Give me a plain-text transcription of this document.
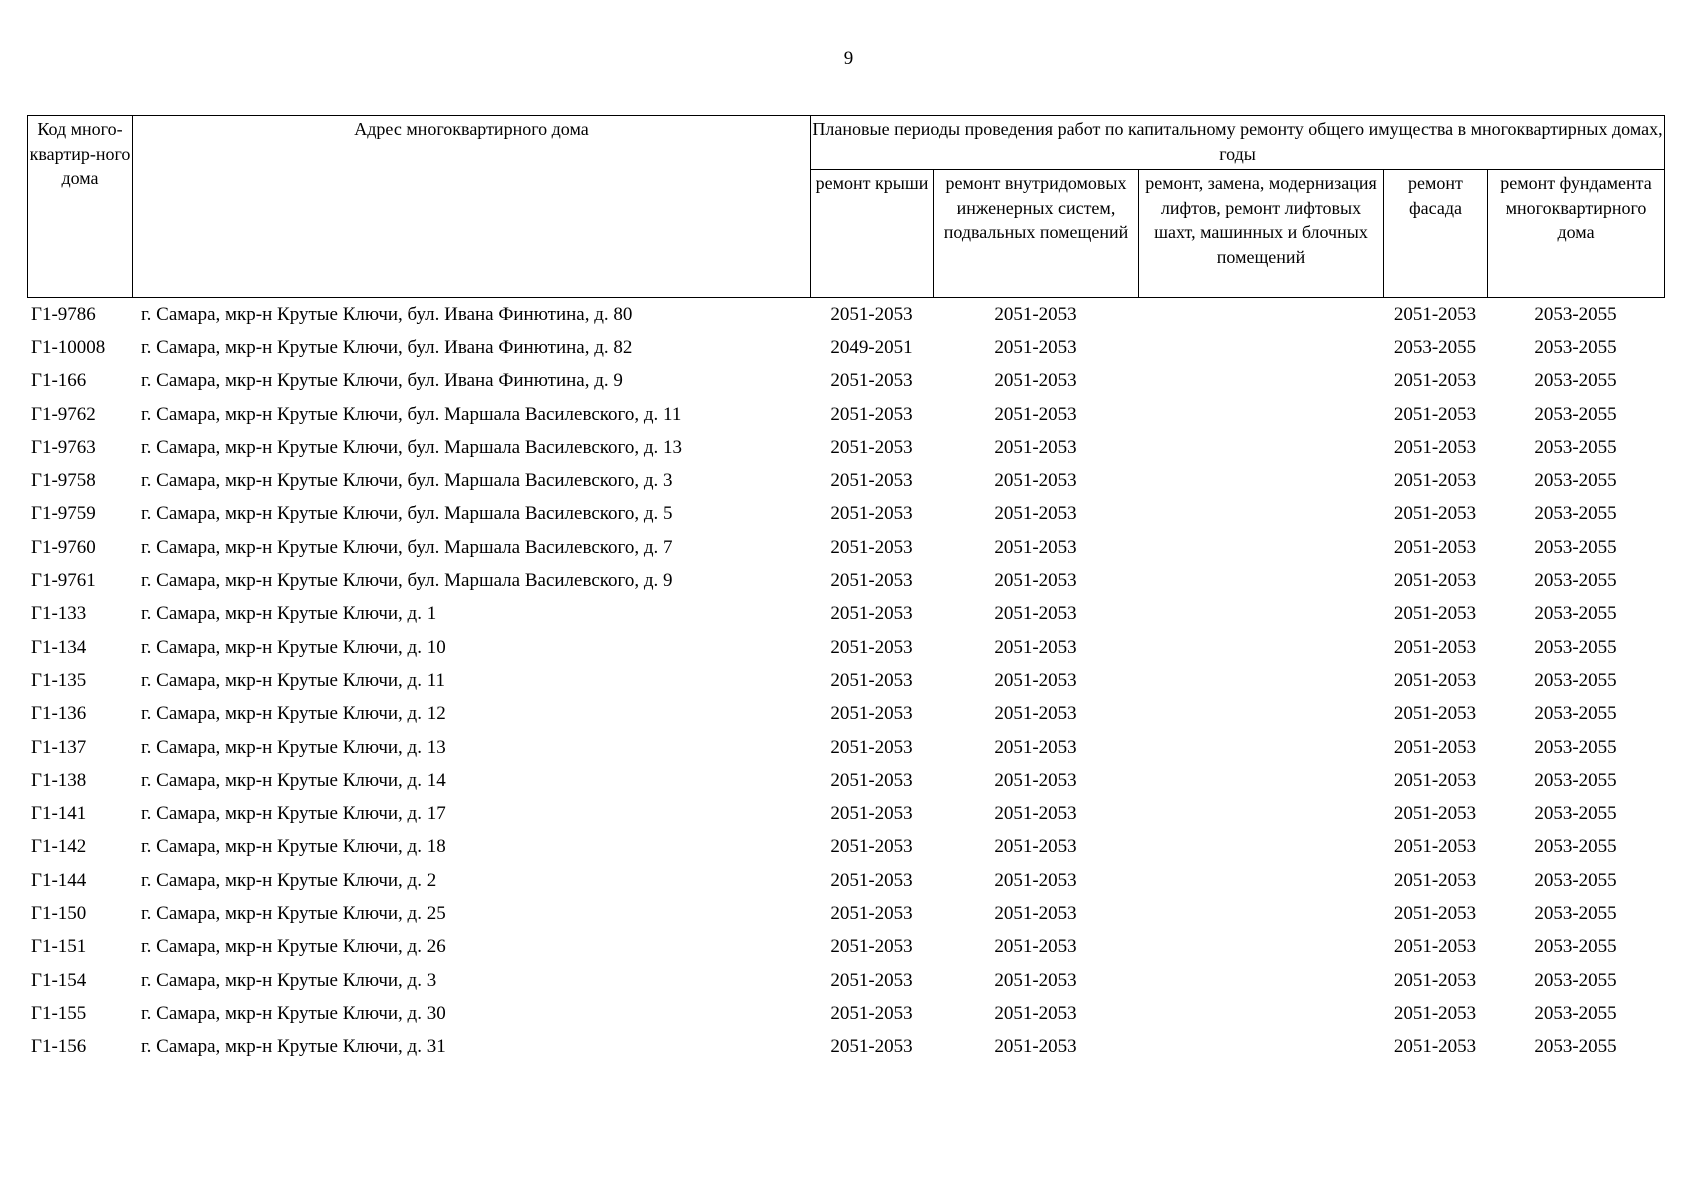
9
Код много-квартир-ного дома	Адрес многоквартирного дома	Плановые периоды проведения работ по капитальному ремонту общего имущества в многоквартирных домах, годы				
		ремонт крыши	ремонт внутридомовых инженерных систем, подвальных помещений	ремонт, замена, модернизация лифтов, ремонт лифтовых шахт, машинных и блочных помещений	ремонт фасада	ремонт фундамента многоквартирного дома
Г1-9786	г. Самара, мкр-н Крутые Ключи, бул. Ивана Финютина, д. 80	2051-2053	2051-2053		2051-2053	2053-2055
Г1-10008	г. Самара, мкр-н Крутые Ключи, бул. Ивана Финютина, д. 82	2049-2051	2051-2053		2053-2055	2053-2055
Г1-166	г. Самара, мкр-н Крутые Ключи, бул. Ивана Финютина, д. 9	2051-2053	2051-2053		2051-2053	2053-2055
Г1-9762	г. Самара, мкр-н Крутые Ключи, бул. Маршала Василевского, д. 11	2051-2053	2051-2053		2051-2053	2053-2055
Г1-9763	г. Самара, мкр-н Крутые Ключи, бул. Маршала Василевского, д. 13	2051-2053	2051-2053		2051-2053	2053-2055
Г1-9758	г. Самара, мкр-н Крутые Ключи, бул. Маршала Василевского, д. 3	2051-2053	2051-2053		2051-2053	2053-2055
Г1-9759	г. Самара, мкр-н Крутые Ключи, бул. Маршала Василевского, д. 5	2051-2053	2051-2053		2051-2053	2053-2055
Г1-9760	г. Самара, мкр-н Крутые Ключи, бул. Маршала Василевского, д. 7	2051-2053	2051-2053		2051-2053	2053-2055
Г1-9761	г. Самара, мкр-н Крутые Ключи, бул. Маршала Василевского, д. 9	2051-2053	2051-2053		2051-2053	2053-2055
Г1-133	г. Самара, мкр-н Крутые Ключи, д. 1	2051-2053	2051-2053		2051-2053	2053-2055
Г1-134	г. Самара, мкр-н Крутые Ключи, д. 10	2051-2053	2051-2053		2051-2053	2053-2055
Г1-135	г. Самара, мкр-н Крутые Ключи, д. 11	2051-2053	2051-2053		2051-2053	2053-2055
Г1-136	г. Самара, мкр-н Крутые Ключи, д. 12	2051-2053	2051-2053		2051-2053	2053-2055
Г1-137	г. Самара, мкр-н Крутые Ключи, д. 13	2051-2053	2051-2053		2051-2053	2053-2055
Г1-138	г. Самара, мкр-н Крутые Ключи, д. 14	2051-2053	2051-2053		2051-2053	2053-2055
Г1-141	г. Самара, мкр-н Крутые Ключи, д. 17	2051-2053	2051-2053		2051-2053	2053-2055
Г1-142	г. Самара, мкр-н Крутые Ключи, д. 18	2051-2053	2051-2053		2051-2053	2053-2055
Г1-144	г. Самара, мкр-н Крутые Ключи, д. 2	2051-2053	2051-2053		2051-2053	2053-2055
Г1-150	г. Самара, мкр-н Крутые Ключи, д. 25	2051-2053	2051-2053		2051-2053	2053-2055
Г1-151	г. Самара, мкр-н Крутые Ключи, д. 26	2051-2053	2051-2053		2051-2053	2053-2055
Г1-154	г. Самара, мкр-н Крутые Ключи, д. 3	2051-2053	2051-2053		2051-2053	2053-2055
Г1-155	г. Самара, мкр-н Крутые Ключи, д. 30	2051-2053	2051-2053		2051-2053	2053-2055
Г1-156	г. Самара, мкр-н Крутые Ключи, д. 31	2051-2053	2051-2053		2051-2053	2053-2055
